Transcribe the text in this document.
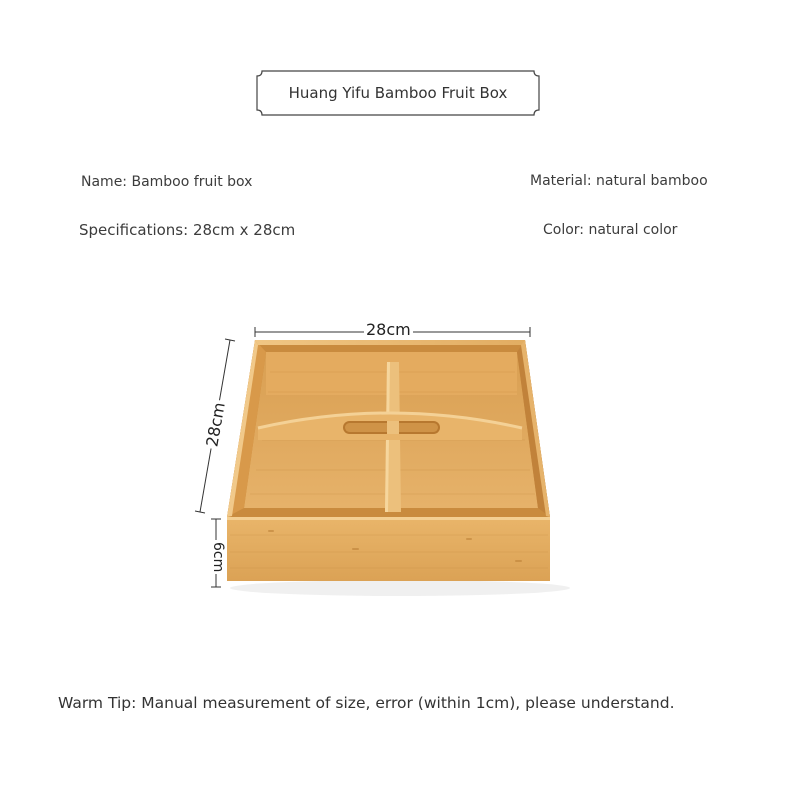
Huang Yifu Bamboo Fruit Box
Name: Bamboo fruit box	Material: natural bamboo
Specifications: 28cm x 28cm	Color: natural color
28cm
28cm
6cm
Warm Tip: Manual measurement of size, error (within 1cm), please understand.
